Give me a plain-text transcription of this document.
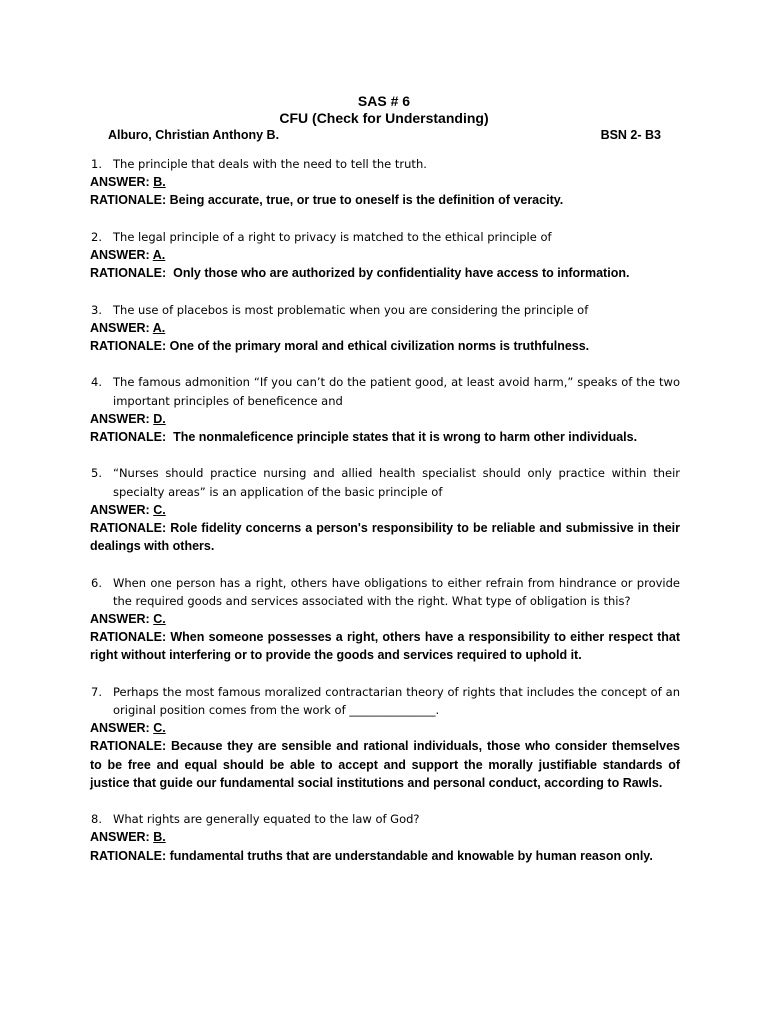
SAS # 6
CFU (Check for Understanding)
Alburo, Christian Anthony B.	BSN 2- B3
1. The principle that deals with the need to tell the truth.
ANSWER: B.
RATIONALE: Being accurate, true, or true to oneself is the definition of veracity.
2. The legal principle of a right to privacy is matched to the ethical principle of
ANSWER: A.
RATIONALE:  Only those who are authorized by confidentiality have access to information.
3. The use of placebos is most problematic when you are considering the principle of
ANSWER: A.
RATIONALE: One of the primary moral and ethical civilization norms is truthfulness.
4. The famous admonition “If you can’t do the patient good, at least avoid harm,” speaks of the two important principles of beneficence and
ANSWER: D.
RATIONALE:  The nonmaleficence principle states that it is wrong to harm other individuals.
5. “Nurses should practice nursing and allied health specialist should only practice within their specialty areas” is an application of the basic principle of
ANSWER: C.
RATIONALE: Role fidelity concerns a person's responsibility to be reliable and submissive in their dealings with others.
6. When one person has a right, others have obligations to either refrain from hindrance or provide the required goods and services associated with the right. What type of obligation is this?
ANSWER: C.
RATIONALE: When someone possesses a right, others have a responsibility to either respect that right without interfering or to provide the goods and services required to uphold it.
7. Perhaps the most famous moralized contractarian theory of rights that includes the concept of an original position comes from the work of _______________.
ANSWER: C.
RATIONALE: Because they are sensible and rational individuals, those who consider themselves to be free and equal should be able to accept and support the morally justifiable standards of justice that guide our fundamental social institutions and personal conduct, according to Rawls.
8. What rights are generally equated to the law of God?
ANSWER: B.
RATIONALE: fundamental truths that are understandable and knowable by human reason only.
